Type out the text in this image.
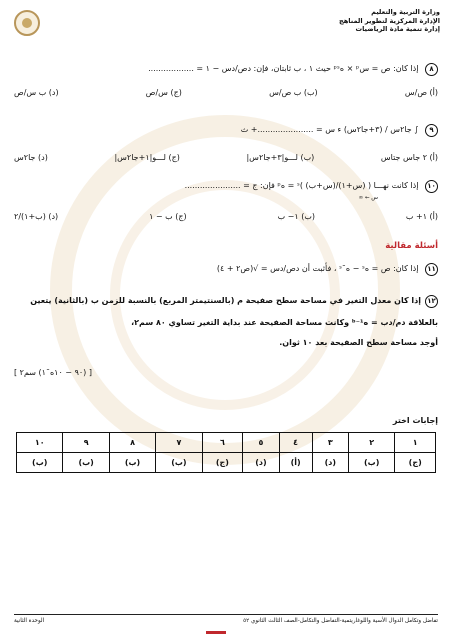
وزارة التربية والتعليم
الإدارة المركزية لتطوير المناهج
إدارة تنمية مادة الرياضيات
٨ إذا كان: ص = سᵖ × هᵖˢ حيث ١ ، ب ثابتان، فإن: دص/دس − ١ = ..................
(أ) ص/س
(ب) ب ص/س
(ج) س/ص
(د) ب س/ص
٩ ∫ جا٢س / (٣+جا٢س) ء س = ......................+ ث
(أ) ٢ جاس جتاس
(ب) لـــو|٣+جا٢س|
(ج) لـــو|١+جا٢س|
(د) جا٢س
١٠ إذا كانت نهـــا ( (س+١)/(س+ب) )ˢ = هᵖ فإن: ج = ......................
س ← ∞
(أ) ١+ ب
(ب) ١− ب
(ج) ب − ١
(د) (ب+١)/٢
أسئلة مقالية
١١ إذا كان: ص = هˢ − هˉˢ ، فأثبت أن دص/دس = √(ص٢ + ٤)
١٢إذا كان معدل التغير في مساحة سطح صفيحة م (بالسنتيمتر المربع) بالنسبة للزمن ب (بالثانية) يتعين
بالعلاقة دم/دب = هᵇ⁻¹ وكانت مساحة الصفيحة عند بداية التغير تساوي ٨٠ سم٢،
أوجد مساحة سطح الصفيحة بعد ١٠ ثوان.
[ (٩٠ − ١٠هˉ١) سم٢ ]
إجابات اختر
١	٢	٣	٤	٥	٦	٧	٨	٩	١٠
(ج)	(ب)	(د)	(أ)	(د)	(ج)	(ب)	(ب)	(ب)	(ب)
تفاضل وتكامل الدوال الأسية واللوغاريتمية-التفاضل والتكامل-الصف الثالث الثانوي ٥٢
الوحدة الثانية
